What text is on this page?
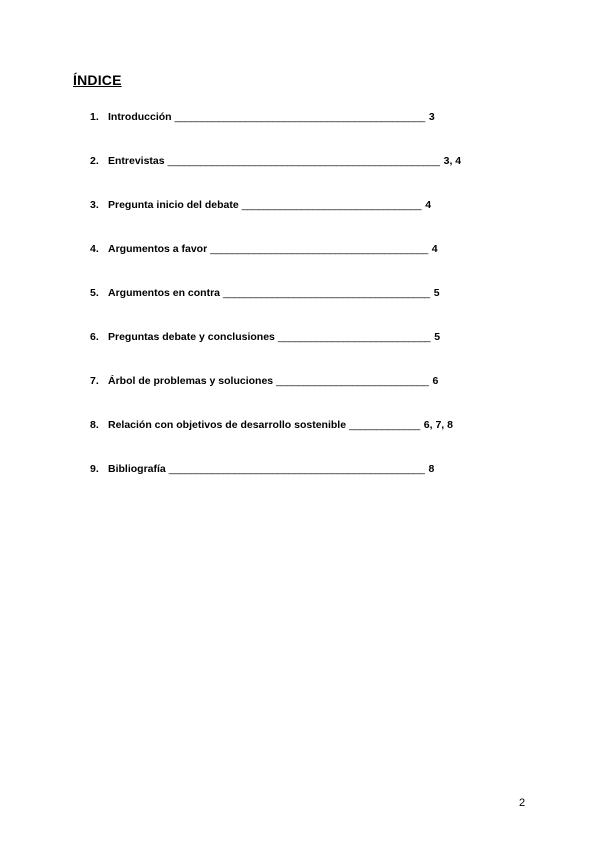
ÍNDICE
1. Introducción ______________________________________________ 3
2. Entrevistas __________________________________________________ 3, 4
3. Pregunta inicio del debate _________________________________ 4
4. Argumentos a favor ________________________________________ 4
5. Argumentos en contra ______________________________________ 5
6. Preguntas debate y conclusiones ____________________________ 5
7. Árbol de problemas y soluciones ____________________________ 6
8. Relación con objetivos de desarrollo sostenible _____________ 6, 7, 8
9. Bibliografía _______________________________________________ 8
2
